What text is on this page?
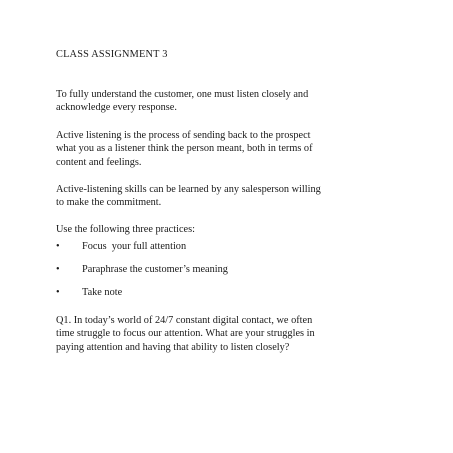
CLASS ASSIGNMENT 3

To fully understand the customer, one must listen closely and
acknowledge every response.

Active listening is the process of sending back to the prospect
what you as a listener think the person meant, both in terms of
content and feelings.

Active-listening skills can be learned by any salesperson willing
to make the commitment.

Use the following three practices:

• Focus  your full attention
• Paraphrase the customer’s meaning
• Take note

Q1. In today’s world of 24/7 constant digital contact, we often
time struggle to focus our attention. What are your struggles in
paying attention and having that ability to listen closely?
